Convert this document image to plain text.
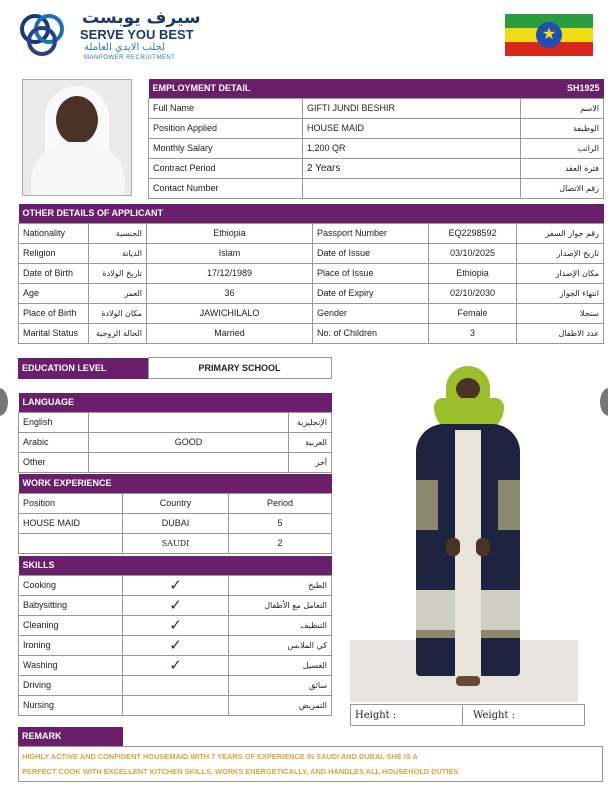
سيرف يوبست
SERVE YOU BEST
لجلب الايدي العاملة
MANPOWER RECRUITMENT
★
EMPLOYMENT DETAIL		SH1925	
Full Name	GIFTI JUNDI BESHIR		الاسم
Position Applied	HOUSE MAID		الوظيفة
Monthly Salary	1,200 QR		الراتب
Contract Period	2 Years		فترة العقد
Contact Number			رقم الاتصال
OTHER DETAILS OF APPLICANT					
Nationality	الجنسية	Ethiopia	Passport Number	EQ2298592	رقم جواز السفر
Religion	الديانة	Islam	Date of Issue	03/10/2025	تاريخ الإصدار
Date of Birth	تاريخ الولادة	17/12/1989	Place of Issue	Ethiopia	مكان الإصدار
Age	العمر	36	Date of Expiry	02/10/2030	انتهاء الجواز
Place of Birth	مكان الولادة	JAWICHILALO	Gender	Female	سنجلا
Marital Status	الحالة الزوجية	Married	No. of Children	3	عدد الاطفال
EDUCATION LEVEL	PRIMARY SCHOOL
LANGUAGE		
English		الإنجليزية
Arabic	GOOD	العربية
Other		آخر
WORK EXPERIENCE		
Position	Country	Period
HOUSE MAID	DUBAI	5
	SAUDI	2
SKILLS		
Cooking	✓	الطبخ
Babysitting	✓	التعامل مع الأطفال
Cleaning	✓	التنظيف
Ironing	✓	كي الملابس
Washing	✓	الغسيل
Driving		سائق
Nursing		التمريض
Height :	Weight :
REMARK
HIGHLY ACTIVE AND CONFIDENT HOUSEMAID WITH 7 YEARS OF EXPERIENCE IN SAUDI AND DUBAI. SHE IS A
PERFECT COOK WITH EXCELLENT KITCHEN SKILLS, WORKS ENERGETICALLY, AND HANDLES ALL HOUSEHOLD DUTIES
